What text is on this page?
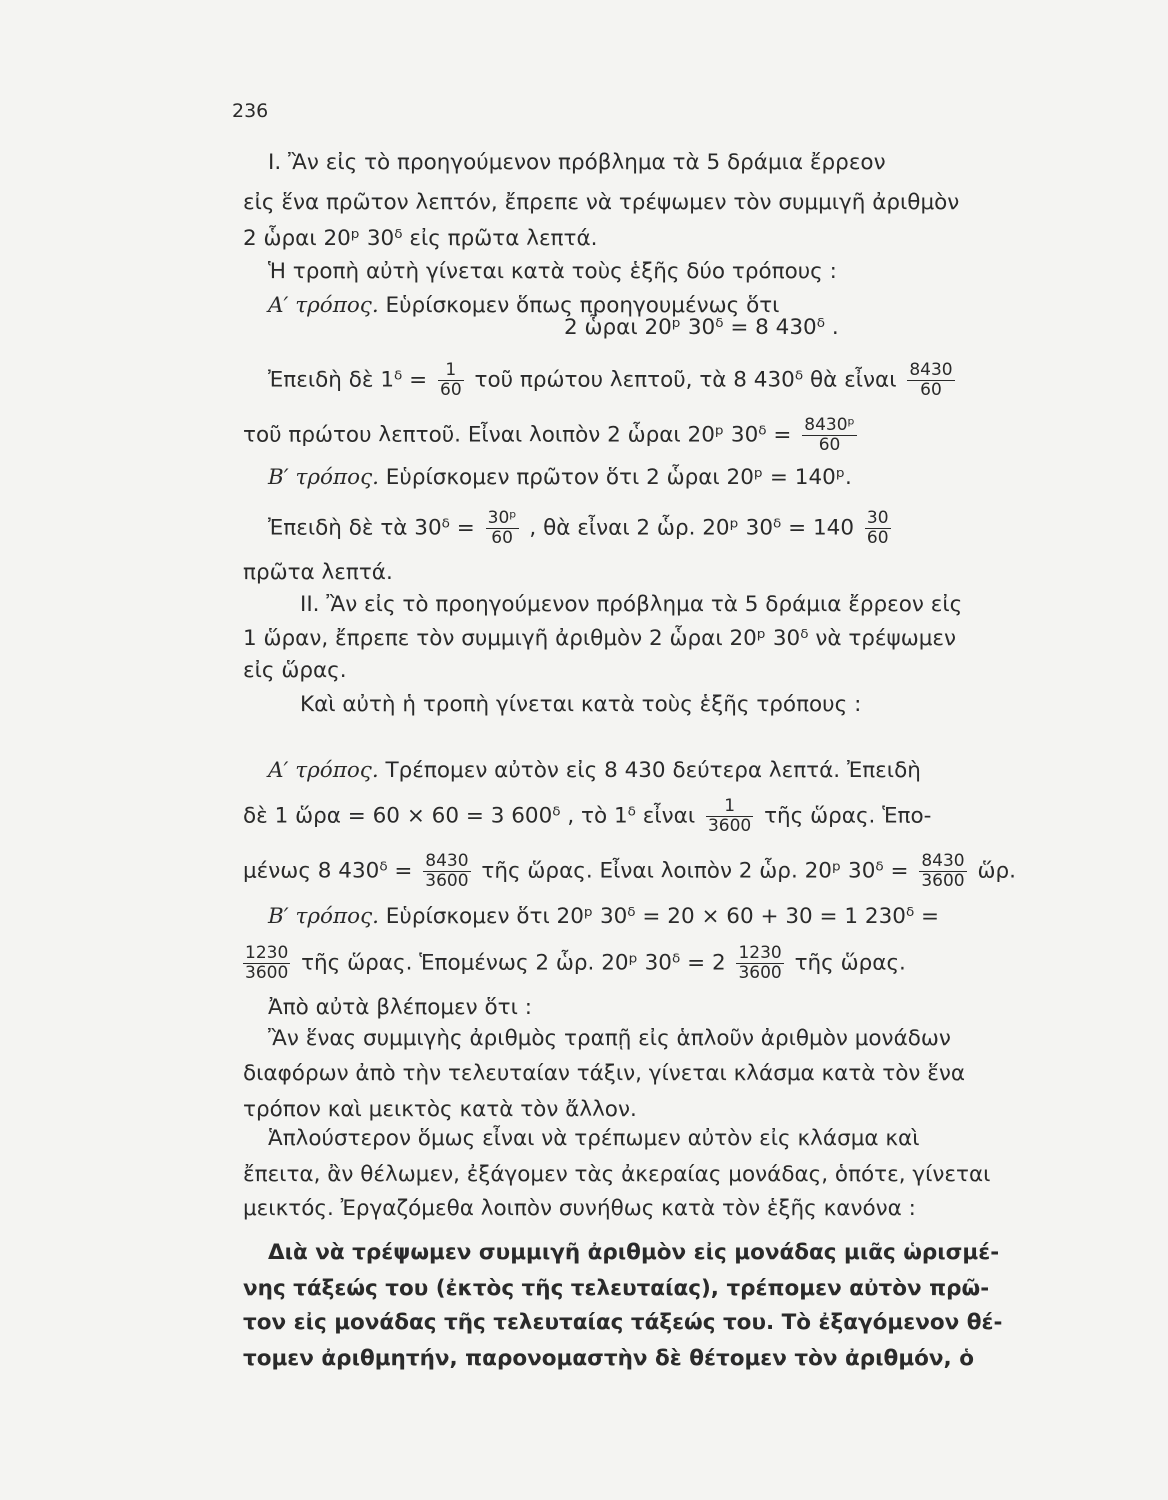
236
I. Ἂν εἰς τὸ προηγούμενον πρόβλημα τὰ 5 δράμια ἔρρεον
εἰς ἕνα πρῶτον λεπτόν, ἔπρεπε νὰ τρέψωμεν τὸν συμμιγῆ ἀριθμὸν
2 ὧραι 20ᵖ 30ᵟ εἰς πρῶτα λεπτά.
Ἡ τροπὴ αὐτὴ γίνεται κατὰ τοὺς ἑξῆς δύο τρόπους :
Α′ τρόπος. Εὑρίσκομεν ὅπως προηγουμένως ὅτι
2 ὧραι 20ᵖ 30ᵟ = 8 430ᵟ .
Ἐπειδὴ δὲ 1ᵟ = $\frac{1}{60}$ τοῦ πρώτου λεπτοῦ, τὰ 8 430ᵟ θὰ εἶναι $\frac{8430}{60}$
τοῦ πρώτου λεπτοῦ. Εἶναι λοιπὸν 2 ὧραι 20ᵖ 30ᵟ = $\frac{\text{8430ᵖ}}{60}$
Β′ τρόπος. Εὑρίσκομεν πρῶτον ὅτι 2 ὧραι 20ᵖ = 140ᵖ.
Ἐπειδὴ δὲ τὰ 30ᵟ = $\frac{\text{30ᵖ}}{60}$ , θὰ εἶναι 2 ὧρ. 20ᵖ 30ᵟ = $140 \frac{30}{60}$
πρῶτα λεπτά.
II. Ἂν εἰς τὸ προηγούμενον πρόβλημα τὰ 5 δράμια ἔρρεον εἰς
1 ὥραν, ἔπρεπε τὸν συμμιγῆ ἀριθμὸν 2 ὧραι 20ᵖ 30ᵟ νὰ τρέψωμεν
εἰς ὥρας.
Καὶ αὐτὴ ἡ τροπὴ γίνεται κατὰ τοὺς ἑξῆς τρόπους :
Α′ τρόπος. Τρέπομεν αὐτὸν εἰς 8 430 δεύτερα λεπτά. Ἐπειδὴ
δὲ 1 ὥρα = 60 × 60 = 3 600ᵟ , τὸ 1ᵟ εἶναι $\frac{1}{3600}$ τῆς ὥρας. Ἑπο-
μένως 8 430ᵟ = $\frac{8430}{3600}$ τῆς ὥρας. Εἶναι λοιπὸν 2 ὧρ. 20ᵖ 30ᵟ = $\frac{8430}{3600}$ ὥρ.
Β′ τρόπος. Εὑρίσκομεν ὅτι 20ᵖ 30ᵟ = 20 × 60 + 30 = 1 230ᵟ =
$\frac{1230}{3600}$ τῆς ὥρας. Ἑπομένως 2 ὧρ. 20ᵖ 30ᵟ = $2 \frac{1230}{3600}$ τῆς ὥρας.
Ἀπὸ αὐτὰ βλέπομεν ὅτι :
Ἂν ἕνας συμμιγὴς ἀριθμὸς τραπῇ εἰς ἁπλοῦν ἀριθμὸν μονάδων
διαφόρων ἀπὸ τὴν τελευταίαν τάξιν, γίνεται κλάσμα κατὰ τὸν ἕνα
τρόπον καὶ μεικτὸς κατὰ τὸν ἄλλον.
Ἁπλούστερον ὅμως εἶναι νὰ τρέπωμεν αὐτὸν εἰς κλάσμα καὶ
ἔπειτα, ἂν θέλωμεν, ἐξάγομεν τὰς ἀκεραίας μονάδας, ὁπότε, γίνεται
μεικτός. Ἐργαζόμεθα λοιπὸν συνήθως κατὰ τὸν ἑξῆς κανόνα :
Διὰ νὰ τρέψωμεν συμμιγῆ ἀριθμὸν εἰς μονάδας μιᾶς ὡρισμέ-
νης τάξεώς του (ἐκτὸς τῆς τελευταίας), τρέπομεν αὐτὸν πρῶ-
τον εἰς μονάδας τῆς τελευταίας τάξεώς του. Τὸ ἐξαγόμενον θέ-
τομεν ἀριθμητήν, παρονομαστὴν δὲ θέτομεν τὸν ἀριθμόν, ὁ
